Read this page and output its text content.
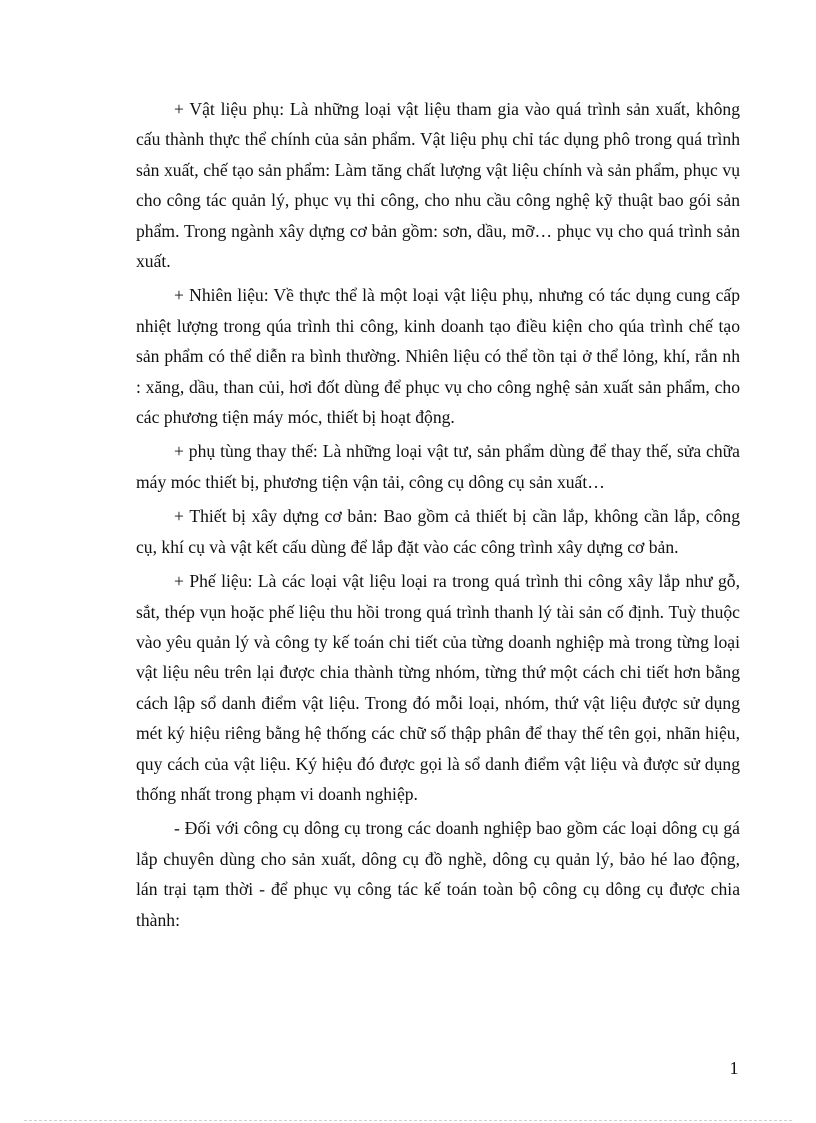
+ Vật liệu phụ: Là những loại vật liệu tham gia vào quá trình sản xuất, không cấu thành thực thể chính của sản phẩm. Vật liệu phụ chỉ tác dụng phô trong quá trình sản xuất, chế tạo sản phẩm: Làm tăng chất lượng vật liệu chính và sản phẩm, phục vụ cho công tác quản lý, phục vụ thi công, cho nhu cầu công nghệ kỹ thuật bao gói sản phẩm. Trong ngành xây dựng cơ bản gồm: sơn, dầu, mỡ… phục vụ cho quá trình sản xuất.

+ Nhiên liệu: Về thực thể là một loại vật liệu phụ, nhưng có tác dụng cung cấp nhiệt lượng trong qúa trình thi công, kinh doanh tạo điều kiện cho qúa trình chế tạo sản phẩm có thể diễn ra bình thường. Nhiên liệu có thể tồn tại ở thể lỏng, khí, rắn nh : xăng, dầu, than củi, hơi đốt dùng để phục vụ cho công nghệ sản xuất sản phẩm, cho các phương tiện máy móc, thiết bị hoạt động.

+ phụ tùng thay thế: Là những loại vật tư, sản phẩm dùng để thay thế, sửa chữa máy móc thiết bị, phương tiện vận tải, công cụ dông cụ sản xuất…

+ Thiết bị xây dựng cơ bản: Bao gồm cả thiết bị cần lắp, không cần lắp, công cụ, khí cụ và vật kết cấu dùng để lắp đặt vào các công trình xây dựng cơ bản.

+ Phế liệu: Là các loại vật liệu loại ra trong quá trình thi công xây lắp như gỗ, sắt, thép vụn hoặc phế liệu thu hồi trong quá trình thanh lý tài sản cố định. Tuỳ thuộc vào yêu quản lý và công ty kế toán chi tiết của từng doanh nghiệp mà trong từng loại vật liệu nêu trên lại được chia thành từng nhóm, từng thứ một cách chi tiết hơn bằng cách lập sổ danh điểm vật liệu. Trong đó mỗi loại, nhóm, thứ vật liệu được sử dụng mét ký hiệu riêng bằng hệ thống các chữ số thập phân để thay thế tên gọi, nhãn hiệu, quy cách của vật liệu. Ký hiệu đó được gọi là sổ danh điểm vật liệu và được sử dụng thống nhất trong phạm vi doanh nghiệp.

- Đối với công cụ dông cụ trong các doanh nghiệp bao gồm các loại dông cụ gá lắp chuyên dùng cho sản xuất, dông cụ đồ nghề, dông cụ quản lý, bảo hé lao động, lán trại tạm thời - để phục vụ công tác kế toán toàn bộ công cụ dông cụ được chia thành:

1
